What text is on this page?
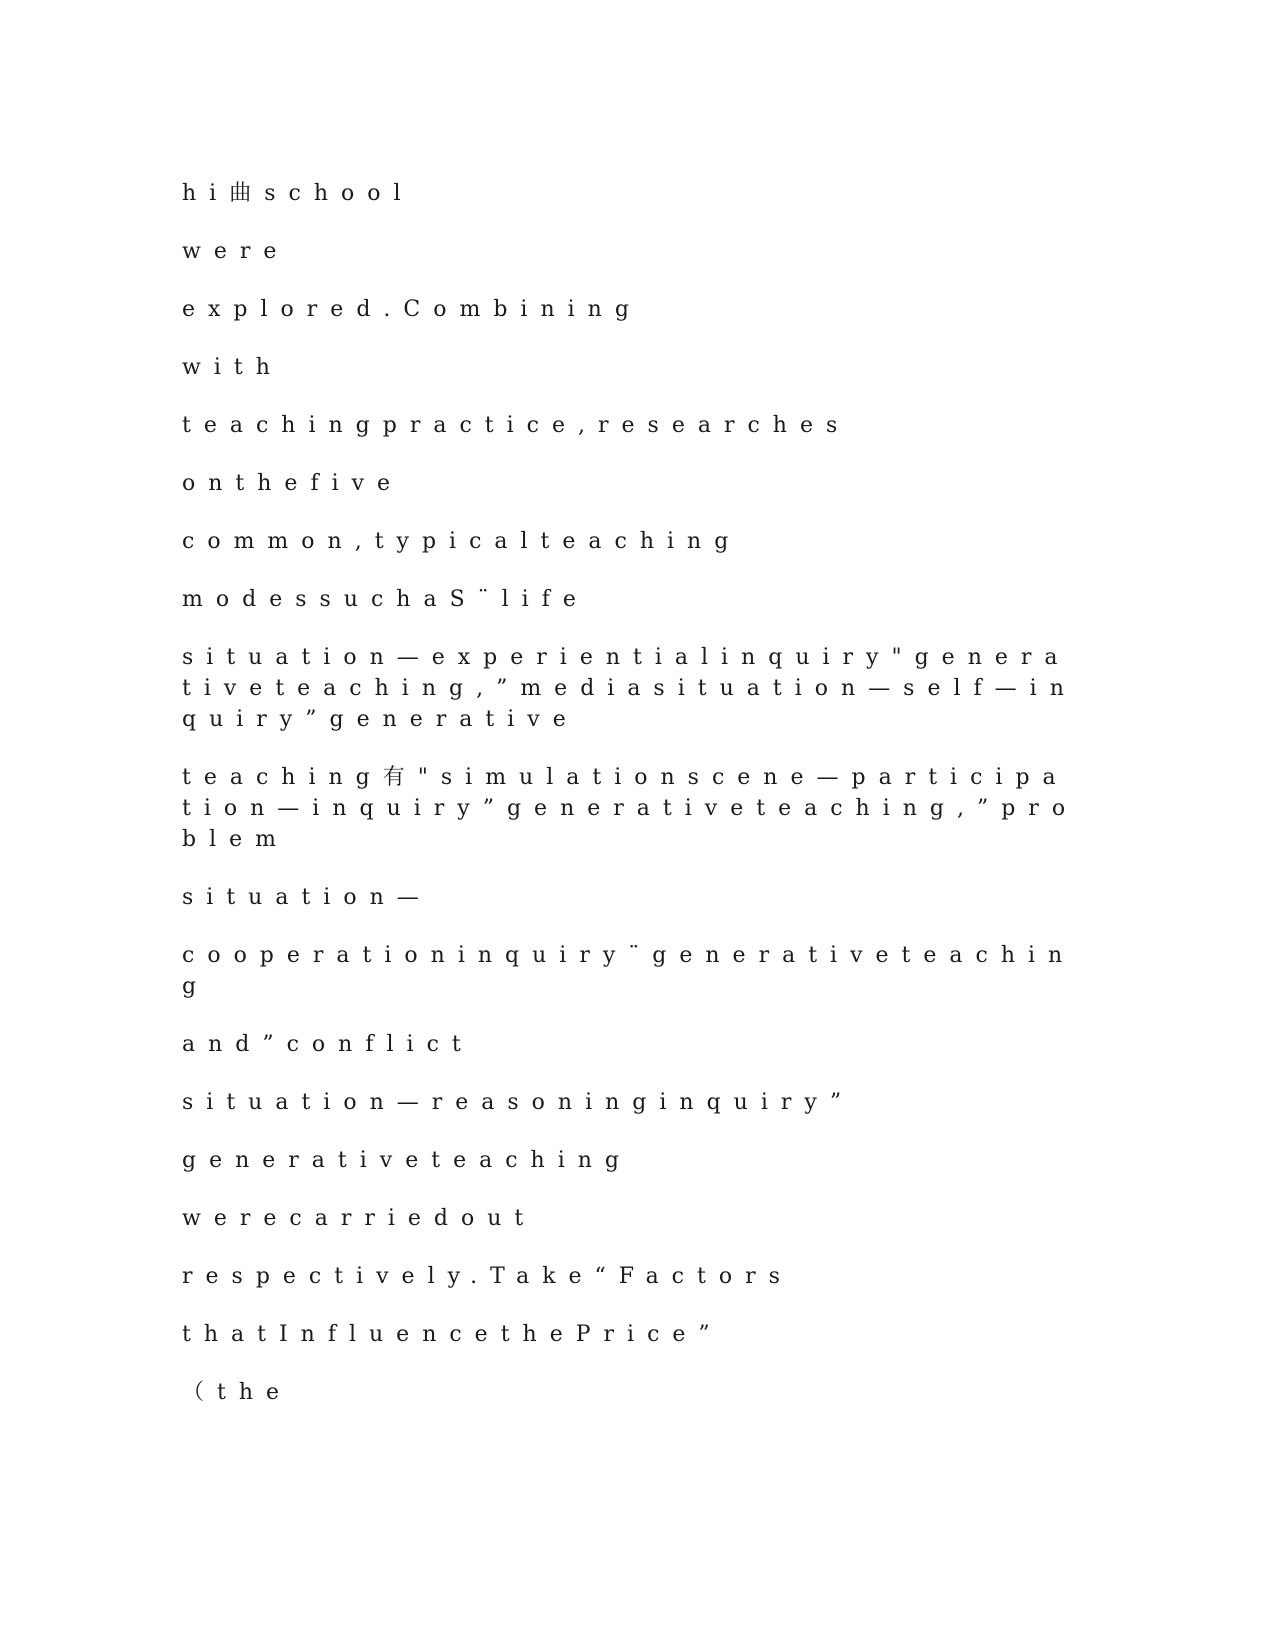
hi曲school

were

explored.Combining

with

teachingpractice,researches

onthefive

common,typicalteaching

modessuchaS¨life

situation—experientialinquiry"generativeteaching,”mediasituation—self—inquiry”generative

teaching有"simulationscene—participation—inquiry”generativeteaching,”problem

situation—

cooperationinquiry¨generativeteaching

and”conflict

situation—reasoninginquiry”

generativeteaching

werecarriedout

respectively.Take“Factors

thatInfluencethePrice”

（the
